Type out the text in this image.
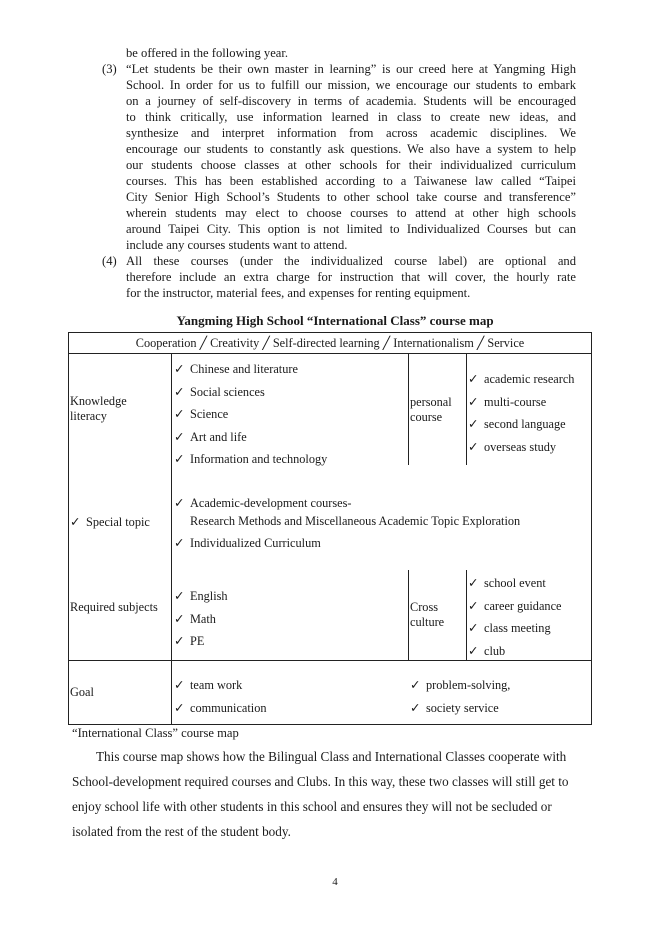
be offered in the following year.
(3) “Let students be their own master in learning” is our creed here at Yangming High
School. In order for us to fulfill our mission, we encourage our students to embark
on a journey of self-discovery in terms of academia. Students will be encouraged
to think critically, use information learned in class to create new ideas, and
synthesize and interpret information from across academic disciplines. We
encourage our students to constantly ask questions. We also have a system to help
our students choose classes at other schools for their individualized curriculum
courses. This has been established according to a Taiwanese law called “Taipei
City Senior High School’s Students to other school take course and transference”
wherein students may elect to choose courses to attend at other high schools
around Taipei City. This option is not limited to Individualized Courses but can
include any courses students want to attend.
(4) All these courses (under the individualized course label) are optional and
therefore include an extra charge for instruction that will cover, the hourly rate
for the instructor, material fees, and expenses for renting equipment.
Yangming High School “International Class” course map
Cooperation ╱ Creativity ╱ Self-directed learning ╱ Internationalism ╱ Service
Knowledge
literacy
✓ Chinese and literature
✓ Social sciences
✓ Science
✓ Art and life
✓ Information and technology
personal
course
✓ academic research
✓ multi-course
✓ second language
✓ overseas study
✓ Special topic
✓ Academic-development courses-
Research Methods and Miscellaneous Academic Topic Exploration
✓ Individualized Curriculum
Required subjects
✓ English
✓ Math
✓ PE
Cross
culture
✓ school event
✓ career guidance
✓ class meeting
✓ club
Goal	✓ team work
✓ communication
✓ problem-solving,
✓ society service
“International Class” course map
This course map shows how the Bilingual Class and International Classes cooperate with
School-development required courses and Clubs. In this way, these two classes will still get to
enjoy school life with other students in this school and ensures they will not be secluded or
isolated from the rest of the student body.
4
